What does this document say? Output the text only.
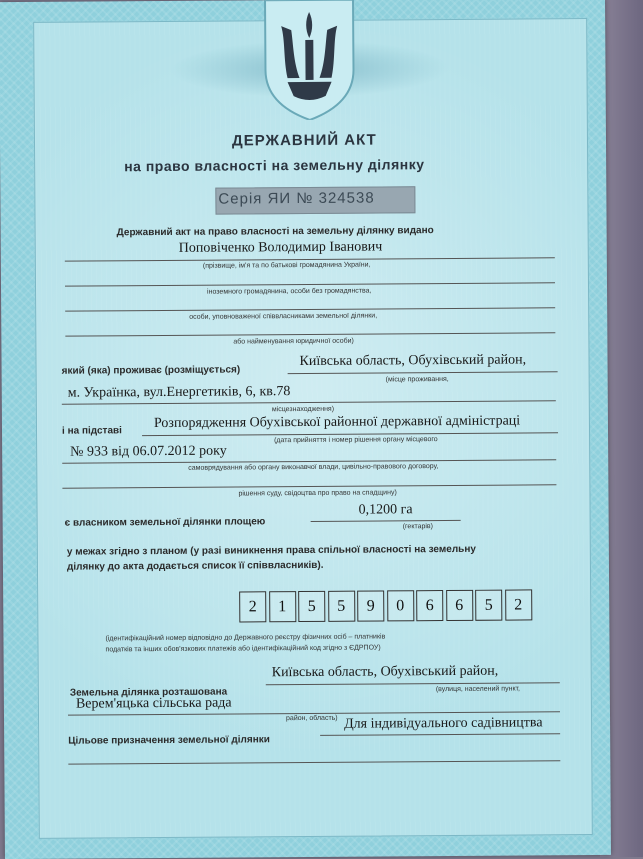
ДЕРЖАВНИЙ АКТ
на право власності на земельну ділянку
Серія ЯИ № 324538
Державний акт на право власності на земельну ділянку видано
Поповіченко Володимир Іванович
(прізвище, ім'я та по батькові громадянина України,
іноземного громадянина, особи без громадянства,
особи, уповноваженої співвласниками земельної ділянки,
або найменування юридичної особи)
який (яка) проживає (розміщується)
Київська область, Обухівський район,
(місце проживання,
м. Українка, вул.Енергетиків, 6, кв.78
місцезнаходження)
і на підставі Розпорядження Обухівської районної державної адміністраці
(дата прийняття і номер рішення органу місцевого
№ 933 від 06.07.2012 року
самоврядування або органу виконавчої влади, цивільно-правового договору,
рішення суду, свідоцтва про право на спадщину)
є власником земельної ділянки площею
0,1200 га
(гектарів)
у межах згідно з планом (у разі виникнення права спільної власності на земельну
ділянку до акта додається список її співвласників).
2	1	5	5	9	0	6	6	5	2
(ідентифікаційний номер відповідно до Державного реєстру фізичних осіб – платників
податків та інших обов'язкових платежів або ідентифікаційний код згідно з ЄДРПОУ)
Земельна ділянка розташована
Київська область, Обухівський район,
(вулиця, населений пункт,
Верем'яцька сільська рада
район, область)
Цільове призначення земельної ділянки
Для індивідуального садівництва
